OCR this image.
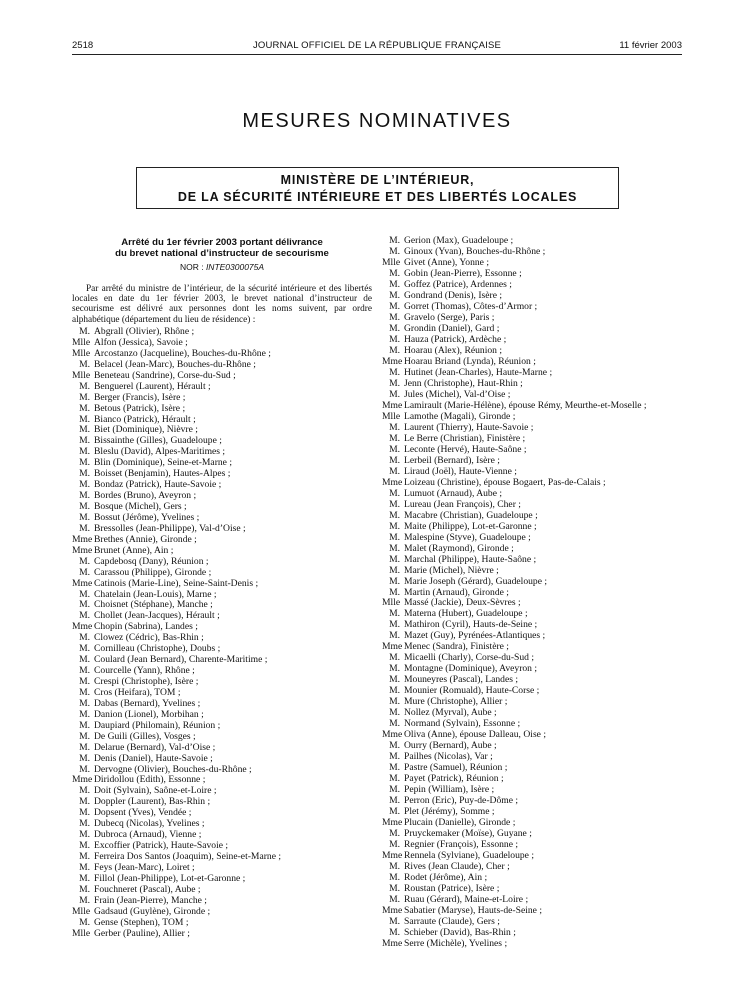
2518	JOURNAL OFFICIEL DE LA RÉPUBLIQUE FRANÇAISE	11 février 2003
MESURES NOMINATIVES
MINISTÈRE DE L’INTÉRIEUR,
DE LA SÉCURITÉ INTÉRIEURE ET DES LIBERTÉS LOCALES
Arrêté du 1er février 2003 portant délivrance
du brevet national d’instructeur de secourisme
NOR : INTE0300075A
Par arrêté du ministre de l’intérieur, de la sécurité intérieure et des libertés locales en date du 1er février 2003, le brevet national d’instructeur de secourisme est délivré aux personnes dont les noms suivent, par ordre alphabétique (département du lieu de résidence) :
M. Abgrall (Olivier), Rhône ;
Mlle Alfon (Jessica), Savoie ;
Mlle Arcostanzo (Jacqueline), Bouches-du-Rhône ;
M. Belacel (Jean-Marc), Bouches-du-Rhône ;
Mlle Beneteau (Sandrine), Corse-du-Sud ;
M. Benguerel (Laurent), Hérault ;
M. Berger (Francis), Isère ;
M. Betous (Patrick), Isère ;
M. Bianco (Patrick), Hérault ;
M. Biet (Dominique), Nièvre ;
M. Bissainthe (Gilles), Guadeloupe ;
M. Bleslu (David), Alpes-Maritimes ;
M. Blin (Dominique), Seine-et-Marne ;
M. Boisset (Benjamin), Hautes-Alpes ;
M. Bondaz (Patrick), Haute-Savoie ;
M. Bordes (Bruno), Aveyron ;
M. Bosque (Michel), Gers ;
M. Bossut (Jérôme), Yvelines ;
M. Bressolles (Jean-Philippe), Val-d’Oise ;
Mme Brethes (Annie), Gironde ;
Mme Brunet (Anne), Ain ;
M. Capdebosq (Dany), Réunion ;
M. Carassou (Philippe), Gironde ;
Mme Catinois (Marie-Line), Seine-Saint-Denis ;
M. Chatelain (Jean-Louis), Marne ;
M. Choisnet (Stéphane), Manche ;
M. Chollet (Jean-Jacques), Hérault ;
Mme Chopin (Sabrina), Landes ;
M. Clowez (Cédric), Bas-Rhin ;
M. Cornilleau (Christophe), Doubs ;
M. Coulard (Jean Bernard), Charente-Maritime ;
M. Courcelle (Yann), Rhône ;
M. Crespi (Christophe), Isère ;
M. Cros (Heifara), TOM ;
M. Dabas (Bernard), Yvelines ;
M. Danion (Lionel), Morbihan ;
M. Daupiard (Philomain), Réunion ;
M. De Guili (Gilles), Vosges ;
M. Delarue (Bernard), Val-d’Oise ;
M. Denis (Daniel), Haute-Savoie ;
M. Dervogne (Olivier), Bouches-du-Rhône ;
Mme Diridollou (Edith), Essonne ;
M. Doit (Sylvain), Saône-et-Loire ;
M. Doppler (Laurent), Bas-Rhin ;
M. Dopsent (Yves), Vendée ;
M. Dubecq (Nicolas), Yvelines ;
M. Dubroca (Arnaud), Vienne ;
M. Excoffier (Patrick), Haute-Savoie ;
M. Ferreira Dos Santos (Joaquim), Seine-et-Marne ;
M. Feys (Jean-Marc), Loiret ;
M. Fillol (Jean-Philippe), Lot-et-Garonne ;
M. Fouchneret (Pascal), Aube ;
M. Frain (Jean-Pierre), Manche ;
Mlle Gadsaud (Guylène), Gironde ;
M. Gense (Stephen), TOM ;
Mlle Gerber (Pauline), Allier ;
M. Gerion (Max), Guadeloupe ;
M. Ginoux (Yvan), Bouches-du-Rhône ;
Mlle Givet (Anne), Yonne ;
M. Gobin (Jean-Pierre), Essonne ;
M. Goffez (Patrice), Ardennes ;
M. Gondrand (Denis), Isère ;
M. Gorret (Thomas), Côtes-d’Armor ;
M. Gravelo (Serge), Paris ;
M. Grondin (Daniel), Gard ;
M. Hauza (Patrick), Ardèche ;
M. Hoarau (Alex), Réunion ;
Mme Hoarau Briand (Lynda), Réunion ;
M. Hutinet (Jean-Charles), Haute-Marne ;
M. Jenn (Christophe), Haut-Rhin ;
M. Jules (Michel), Val-d’Oise ;
Mme Lamirault (Marie-Hélène), épouse Rémy, Meurthe-et-Moselle ;
Mlle Lamothe (Magali), Gironde ;
M. Laurent (Thierry), Haute-Savoie ;
M. Le Berre (Christian), Finistère ;
M. Leconte (Hervé), Haute-Saône ;
M. Lerbeil (Bernard), Isère ;
M. Liraud (Joël), Haute-Vienne ;
Mme Loizeau (Christine), épouse Bogaert, Pas-de-Calais ;
M. Lumuot (Arnaud), Aube ;
M. Lureau (Jean François), Cher ;
M. Macabre (Christian), Guadeloupe ;
M. Maite (Philippe), Lot-et-Garonne ;
M. Malespine (Styve), Guadeloupe ;
M. Malet (Raymond), Gironde ;
M. Marchal (Philippe), Haute-Saône ;
M. Marie (Michel), Nièvre ;
M. Marie Joseph (Gérard), Guadeloupe ;
M. Martin (Arnaud), Gironde ;
Mlle Massé (Jackie), Deux-Sèvres ;
M. Materna (Hubert), Guadeloupe ;
M. Mathiron (Cyril), Hauts-de-Seine ;
M. Mazet (Guy), Pyrénées-Atlantiques ;
Mme Menec (Sandra), Finistère ;
M. Micaelli (Charly), Corse-du-Sud ;
M. Montagne (Dominique), Aveyron ;
M. Mouneyres (Pascal), Landes ;
M. Mounier (Romuald), Haute-Corse ;
M. Mure (Christophe), Allier ;
M. Nollez (Myrval), Aube ;
M. Normand (Sylvain), Essonne ;
Mme Oliva (Anne), épouse Dalleau, Oise ;
M. Ourry (Bernard), Aube ;
M. Pailhes (Nicolas), Var ;
M. Pastre (Samuel), Réunion ;
M. Payet (Patrick), Réunion ;
M. Pepin (William), Isère ;
M. Perron (Eric), Puy-de-Dôme ;
M. Plet (Jérémy), Somme ;
Mme Plucain (Danielle), Gironde ;
M. Pruyckemaker (Moïse), Guyane ;
M. Regnier (François), Essonne ;
Mme Rennela (Sylviane), Guadeloupe ;
M. Rives (Jean Claude), Cher ;
M. Rodet (Jérôme), Ain ;
M. Roustan (Patrice), Isère ;
M. Ruau (Gérard), Maine-et-Loire ;
Mme Sabatier (Maryse), Hauts-de-Seine ;
M. Sarraute (Claude), Gers ;
M. Schieber (David), Bas-Rhin ;
Mme Serre (Michèle), Yvelines ;
